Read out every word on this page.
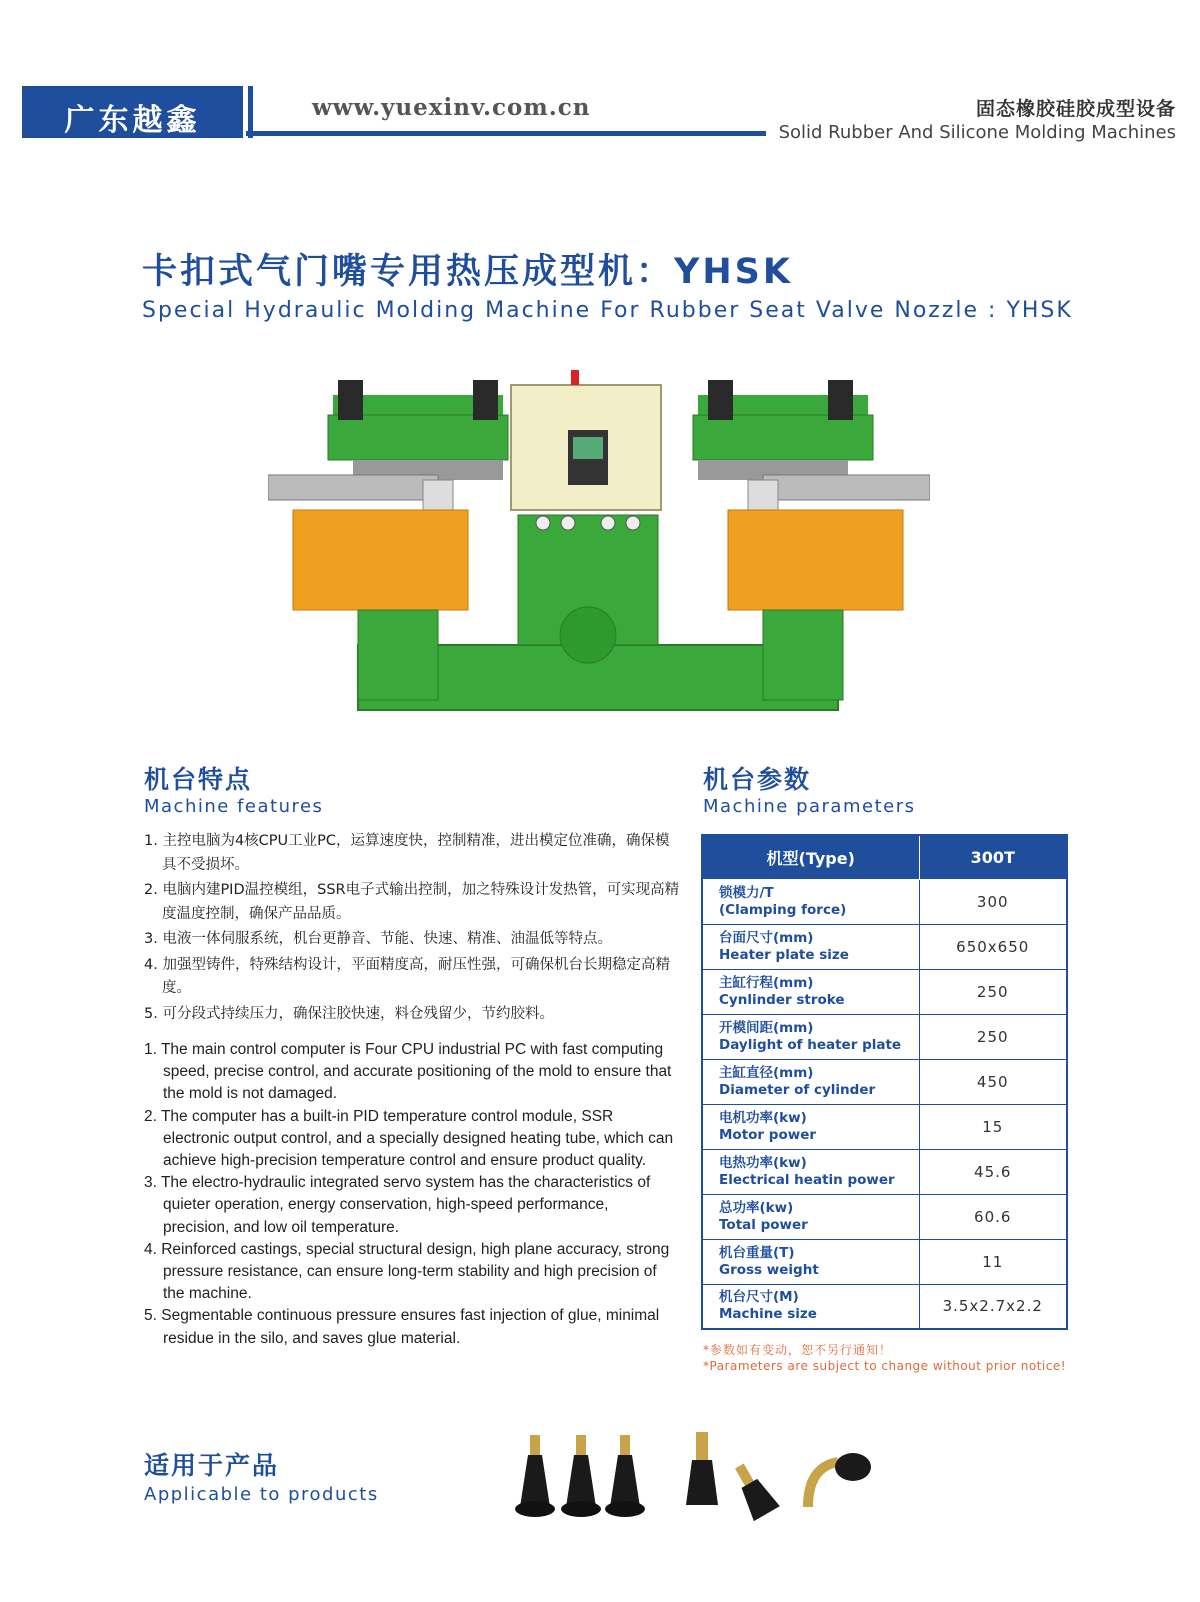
广东越鑫	www.yuexinv.com.cn	固态橡胶硅胶成型设备
Solid Rubber And Silicone Molding Machines
卡扣式气门嘴专用热压成型机：YHSK
Special Hydraulic Molding Machine For Rubber Seat Valve Nozzle : YHSK
机台特点
Machine features
1. 主控电脑为4核CPU工业PC，运算速度快，控制精准，进出模定位准确，确保模具不受损坏。
2. 电脑内建PID温控模组，SSR电子式输出控制，加之特殊设计发热管，可实现高精度温度控制，确保产品品质。
3. 电液一体伺服系统，机台更静音、节能、快速、精准、油温低等特点。
4. 加强型铸件，特殊结构设计，平面精度高，耐压性强，可确保机台长期稳定高精度。
5. 可分段式持续压力，确保注胶快速，料仓残留少，节约胶料。
1. The main control computer is Four CPU industrial PC with fast computing speed, precise control, and accurate positioning of the mold to ensure that the mold is not damaged.
2. The computer has a built-in PID temperature control module, SSR electronic output control, and a specially designed heating tube, which can achieve high-precision temperature control and ensure product quality.
3. The electro-hydraulic integrated servo system has the characteristics of quieter operation, energy conservation, high-speed performance, precision, and low oil temperature.
4. Reinforced castings, special structural design, high plane accuracy, strong pressure resistance, can ensure long-term stability and high precision of the machine.
5. Segmentable continuous pressure ensures fast injection of glue, minimal residue in the silo, and saves glue material.
机台参数
Machine parameters
机型(Type)	300T
锁模力/T
(Clamping force)	300
台面尺寸(mm)
Heater plate size	650x650
主缸行程(mm)
Cynlinder stroke	250
开模间距(mm)
Daylight of heater plate	250
主缸直径(mm)
Diameter of cylinder	450
电机功率(kw)
Motor power	15
电热功率(kw)
Electrical heatin power	45.6
总功率(kw)
Total power	60.6
机台重量(T)
Gross weight	11
机台尺寸(M)
Machine size	3.5x2.7x2.2
*参数如有变动，恕不另行通知！
*Parameters are subject to change without prior notice!
适用于产品
Applicable to products
